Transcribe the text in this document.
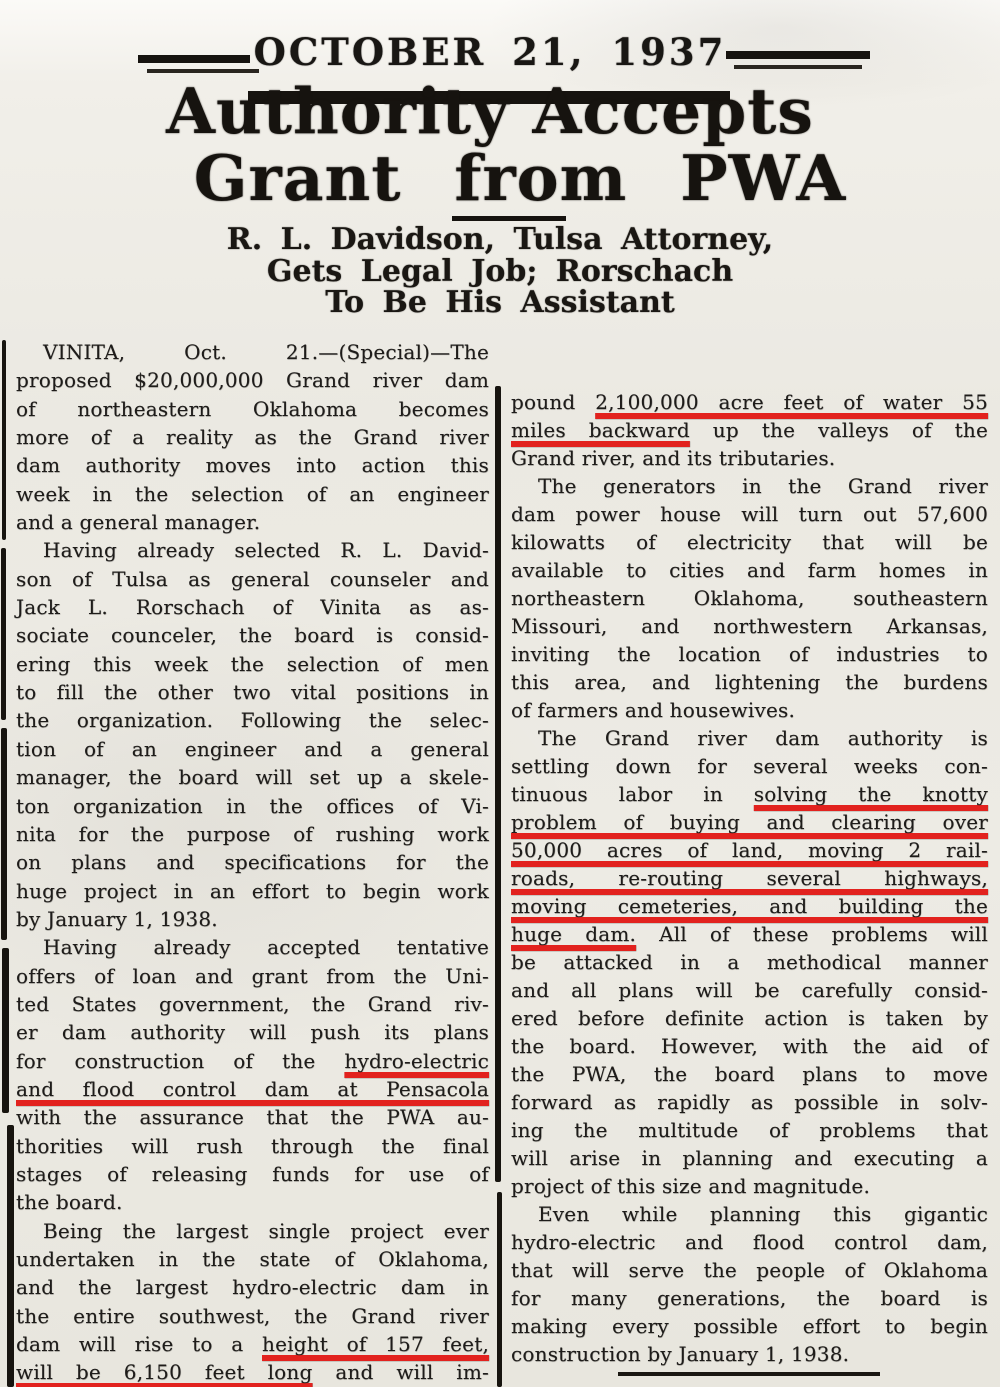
OCTOBER 21, 1937
Authority Accepts
Grant from PWA
R. L. Davidson, Tulsa Attorney,
Gets Legal Job; Rorschach
To Be His Assistant
VINITA, Oct. 21.—(Special)—The
proposed $20,000,000 Grand river dam
of northeastern Oklahoma becomes
more of a reality as the Grand river
dam authority moves into action this
week in the selection of an engineer
and a general manager.
Having already selected R. L. David-
son of Tulsa as general counseler and
Jack L. Rorschach of Vinita as as-
sociate counceler, the board is consid-
ering this week the selection of men
to fill the other two vital positions in
the organization. Following the selec-
tion of an engineer and a general
manager, the board will set up a skele-
ton organization in the offices of Vi-
nita for the purpose of rushing work
on plans and specifications for the
huge project in an effort to begin work
by January 1, 1938.
Having already accepted tentative
offers of loan and grant from the Uni-
ted States government, the Grand riv-
er dam authority will push its plans
for construction of the hydro-electric
and flood control dam at Pensacola
with the assurance that the PWA au-
thorities will rush through the final
stages of releasing funds for use of
the board.
Being the largest single project ever
undertaken in the state of Oklahoma,
and the largest hydro-electric dam in
the entire southwest, the Grand river
dam will rise to a height of 157 feet,
will be 6,150 feet long and will im-
pound 2,100,000 acre feet of water 55
miles backward up the valleys of the
Grand river, and its tributaries.
The generators in the Grand river
dam power house will turn out 57,600
kilowatts of electricity that will be
available to cities and farm homes in
northeastern Oklahoma, southeastern
Missouri, and northwestern Arkansas,
inviting the location of industries to
this area, and lightening the burdens
of farmers and housewives.
The Grand river dam authority is
settling down for several weeks con-
tinuous labor in solving the knotty
problem of buying and clearing over
50,000 acres of land, moving 2 rail-
roads, re-routing several highways,
moving cemeteries, and building the
huge dam. All of these problems will
be attacked in a methodical manner
and all plans will be carefully consid-
ered before definite action is taken by
the board. However, with the aid of
the PWA, the board plans to move
forward as rapidly as possible in solv-
ing the multitude of problems that
will arise in planning and executing a
project of this size and magnitude.
Even while planning this gigantic
hydro-electric and flood control dam,
that will serve the people of Oklahoma
for many generations, the board is
making every possible effort to begin
construction by January 1, 1938.
